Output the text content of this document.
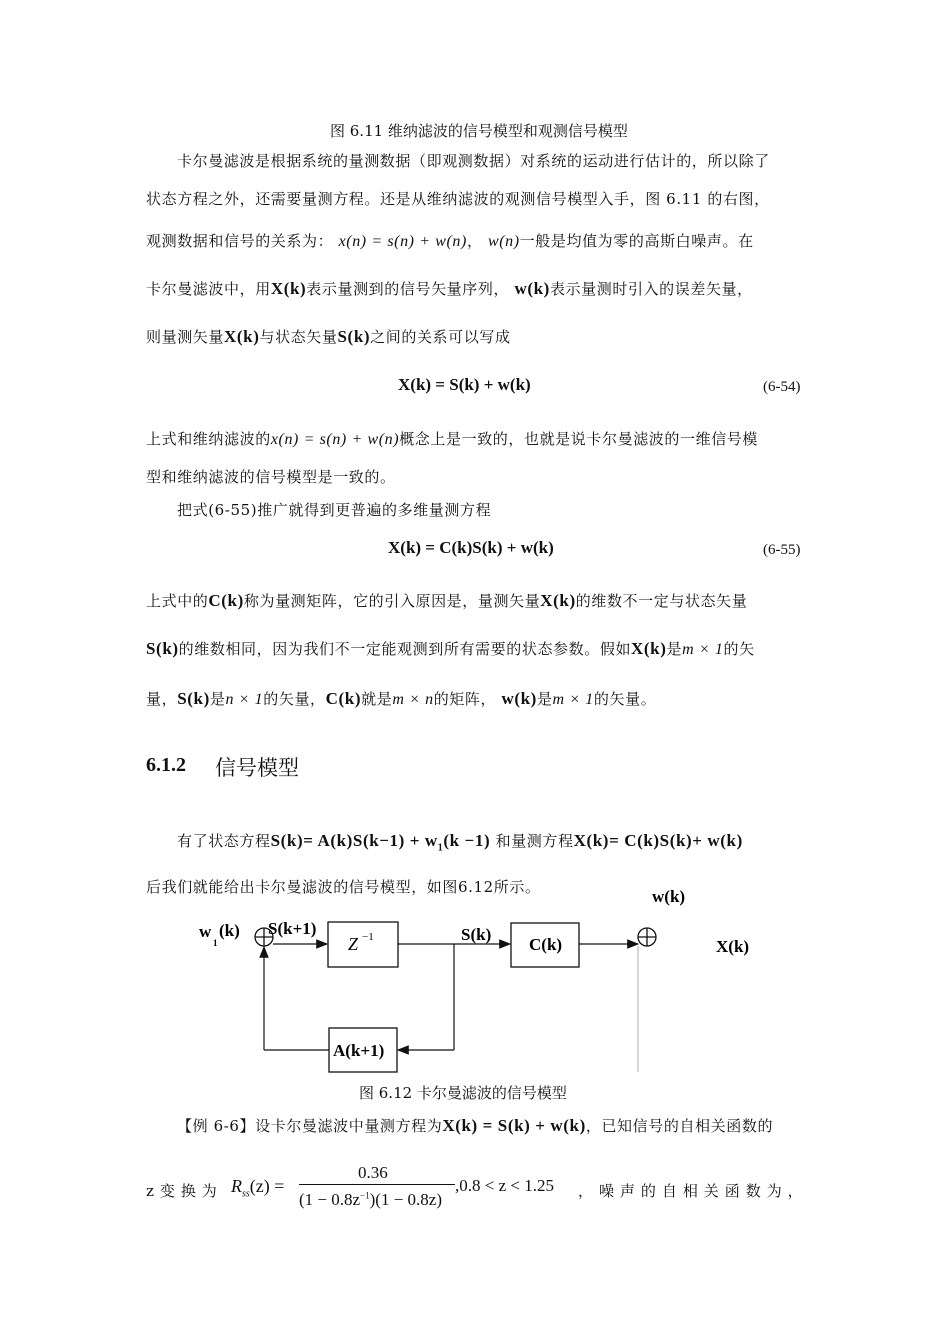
图 6.11 维纳滤波的信号模型和观测信号模型
卡尔曼滤波是根据系统的量测数据（即观测数据）对系统的运动进行估计的，所以除了
状态方程之外，还需要量测方程。还是从维纳滤波的观测信号模型入手，图 6.11 的右图，
观测数据和信号的关系为： x(n) = s(n) + w(n)， w(n)一般是均值为零的高斯白噪声。在
卡尔曼滤波中，用X(k)表示量测到的信号矢量序列， w(k)表示量测时引入的误差矢量，
则量测矢量X(k)与状态矢量S(k)之间的关系可以写成
X(k) = S(k) + w(k)	(6-54)
上式和维纳滤波的x(n) = s(n) + w(n)概念上是一致的，也就是说卡尔曼滤波的一维信号模
型和维纳滤波的信号模型是一致的。
把式(6-55)推广就得到更普遍的多维量测方程
X(k) = C(k)S(k) + w(k)	(6-55)
上式中的C(k)称为量测矩阵，它的引入原因是，量测矢量X(k)的维数不一定与状态矢量
S(k)的维数相同，因为我们不一定能观测到所有需要的状态参数。假如X(k)是m × 1的矢
量，S(k)是n × 1的矢量，C(k)就是m × n的矩阵， w(k)是m × 1的矢量。
6.1.2 信号模型
有了状态方程$S(k)= A(k)S(k-1) + w_1(k -1)$ 和量测方程X(k)= C(k)S(k)+ w(k)
后我们就能给出卡尔曼滤波的信号模型，如图6.12所示。
w
1
(k) S(k+1)
Z −1	S(k)
C(k)
w(k)
X(k)
A(k+1)
图 6.12 卡尔曼滤波的信号模型
【例 6-6】设卡尔曼滤波中量测方程为X(k) = S(k) + w(k)，已知信号的自相关函数的
z 变 换 为 $R_{ss}(z)$ =
0.36
$(1 - 0.8z^{-1})(1 - 0.8z)$
,0.8 < z < 1.25 ， 噪 声 的 自 相 关 函 数 为 ，
